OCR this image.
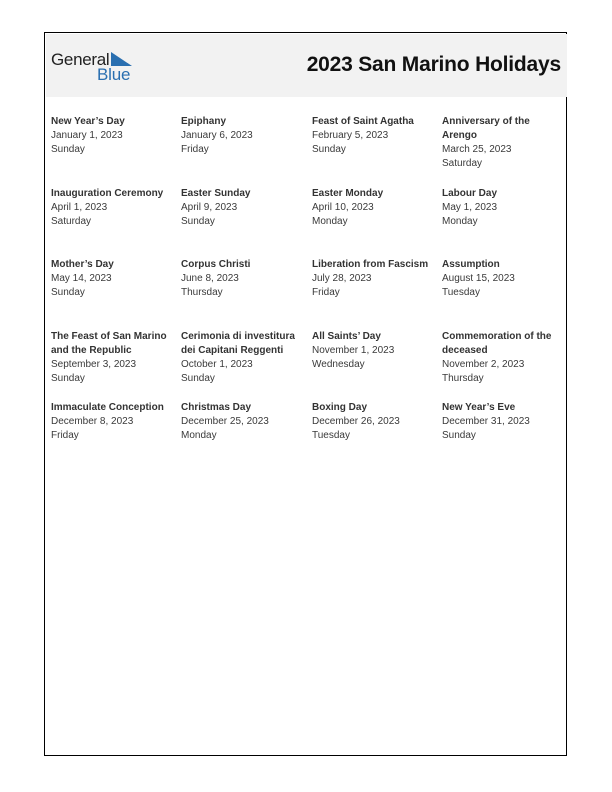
General
Blue	2023 San Marino Holidays
New Year’s Day
January 1, 2023
Sunday
Epiphany
January 6, 2023
Friday
Feast of Saint Agatha
February 5, 2023
Sunday
Anniversary of the Arengo
March 25, 2023
Saturday
Inauguration Ceremony
April 1, 2023
Saturday
Easter Sunday
April 9, 2023
Sunday
Easter Monday
April 10, 2023
Monday
Labour Day
May 1, 2023
Monday
Mother’s Day
May 14, 2023
Sunday
Corpus Christi
June 8, 2023
Thursday
Liberation from Fascism
July 28, 2023
Friday
Assumption
August 15, 2023
Tuesday
The Feast of San Marino and the Republic
September 3, 2023
Sunday
Cerimonia di investitura dei Capitani Reggenti
October 1, 2023
Sunday
All Saints’ Day
November 1, 2023
Wednesday
Commemoration of the deceased
November 2, 2023
Thursday
Immaculate Conception
December 8, 2023
Friday
Christmas Day
December 25, 2023
Monday
Boxing Day
December 26, 2023
Tuesday
New Year’s Eve
December 31, 2023
Sunday
